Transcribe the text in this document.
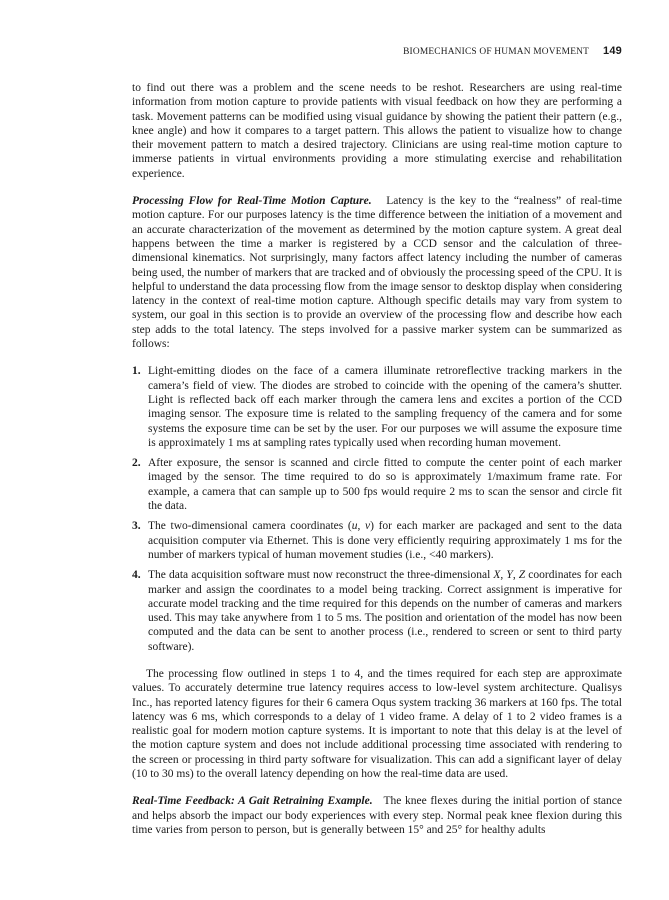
BIOMECHANICS OF HUMAN MOVEMENT 149

to find out there was a problem and the scene needs to be reshot. Researchers are using real-time information from motion capture to provide patients with visual feedback on how they are performing a task. Movement patterns can be modified using visual guidance by showing the patient their pattern (e.g., knee angle) and how it compares to a target pattern. This allows the patient to visualize how to change their movement pattern to match a desired trajectory. Clinicians are using real-time motion capture to immerse patients in virtual environments providing a more stimulating exercise and rehabilitation experience.

Processing Flow for Real-Time Motion Capture. Latency is the key to the “realness” of real-time motion capture. For our purposes latency is the time difference between the initiation of a movement and an accurate characterization of the movement as determined by the motion capture system. A great deal happens between the time a marker is registered by a CCD sensor and the calculation of three-dimensional kinematics. Not surprisingly, many factors affect latency including the number of cameras being used, the number of markers that are tracked and of obviously the processing speed of the CPU. It is helpful to understand the data processing flow from the image sensor to desktop display when considering latency in the context of real-time motion capture. Although specific details may vary from system to system, our goal in this section is to provide an overview of the processing flow and describe how each step adds to the total latency. The steps involved for a passive marker system can be summarized as follows:

1. Light-emitting diodes on the face of a camera illuminate retroreflective tracking markers in the camera’s field of view. The diodes are strobed to coincide with the opening of the camera’s shutter. Light is reflected back off each marker through the camera lens and excites a portion of the CCD imaging sensor. The exposure time is related to the sampling frequency of the camera and for some systems the exposure time can be set by the user. For our purposes we will assume the exposure time is approximately 1 ms at sampling rates typically used when recording human movement.

2. After exposure, the sensor is scanned and circle fitted to compute the center point of each marker imaged by the sensor. The time required to do so is approximately 1/maximum frame rate. For example, a camera that can sample up to 500 fps would require 2 ms to scan the sensor and circle fit the data.

3. The two-dimensional camera coordinates (u, v) for each marker are packaged and sent to the data acquisition computer via Ethernet. This is done very efficiently requiring approximately 1 ms for the number of markers typical of human movement studies (i.e., <40 markers).

4. The data acquisition software must now reconstruct the three-dimensional X, Y, Z coordinates for each marker and assign the coordinates to a model being tracking. Correct assignment is imperative for accurate model tracking and the time required for this depends on the number of cameras and markers used. This may take anywhere from 1 to 5 ms. The position and orientation of the model has now been computed and the data can be sent to another process (i.e., rendered to screen or sent to third party software).

The processing flow outlined in steps 1 to 4, and the times required for each step are approximate values. To accurately determine true latency requires access to low-level system architecture. Qualisys Inc., has reported latency figures for their 6 camera Oqus system tracking 36 markers at 160 fps. The total latency was 6 ms, which corresponds to a delay of 1 video frame. A delay of 1 to 2 video frames is a realistic goal for modern motion capture systems. It is important to note that this delay is at the level of the motion capture system and does not include additional processing time associated with rendering to the screen or processing in third party software for visualization. This can add a significant layer of delay (10 to 30 ms) to the overall latency depending on how the real-time data are used.

Real-Time Feedback: A Gait Retraining Example. The knee flexes during the initial portion of stance and helps absorb the impact our body experiences with every step. Normal peak knee flexion during this time varies from person to person, but is generally between 15° and 25° for healthy adults
